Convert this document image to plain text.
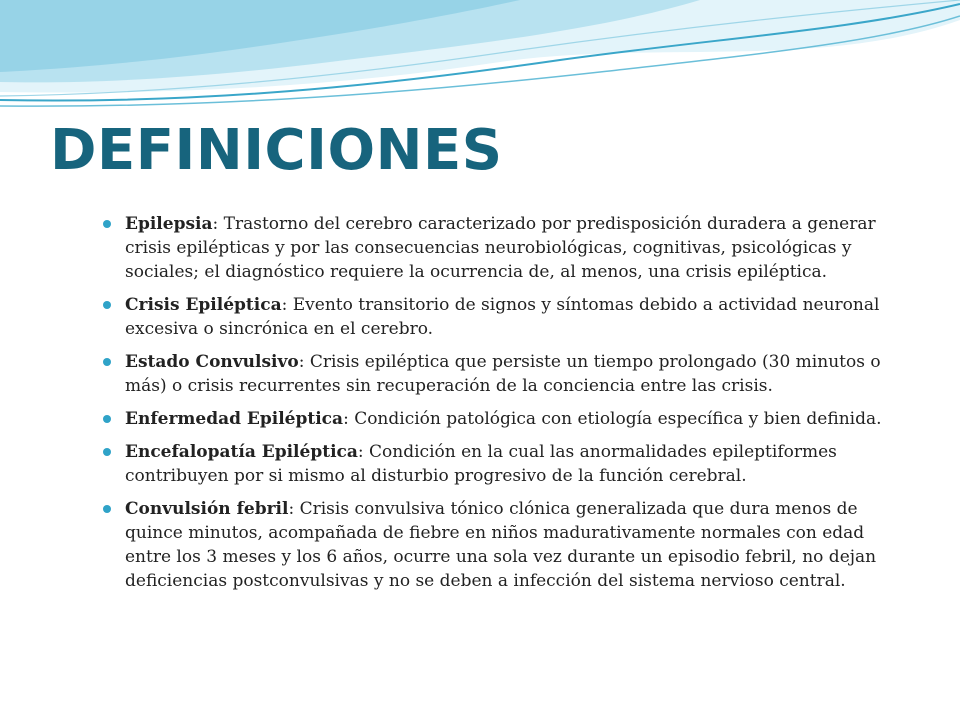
DEFINICIONES
Epilepsia: Trastorno del cerebro caracterizado por predisposición duradera a generar crisis epilépticas y por las consecuencias neurobiológicas, cognitivas, psicológicas y sociales; el diagnóstico requiere la ocurrencia de, al menos, una crisis epiléptica.
Crisis Epiléptica: Evento transitorio de signos y síntomas debido a actividad neuronal excesiva o sincrónica en el cerebro.
Estado Convulsivo: Crisis epiléptica que persiste un tiempo prolongado (30 minutos o más) o crisis recurrentes sin recuperación de la conciencia entre las crisis.
Enfermedad Epiléptica: Condición patológica con etiología específica y bien definida.
Encefalopatía Epiléptica: Condición en la cual las anormalidades epileptiformes contribuyen por si mismo al disturbio progresivo de la función cerebral.
Convulsión febril: Crisis convulsiva tónico clónica generalizada que dura menos de quince minutos, acompañada de fiebre en niños madurativamente normales con edad entre los 3 meses y los 6 años, ocurre una sola vez durante un episodio febril, no dejan deficiencias postconvulsivas y no se deben a infección del sistema nervioso central.
